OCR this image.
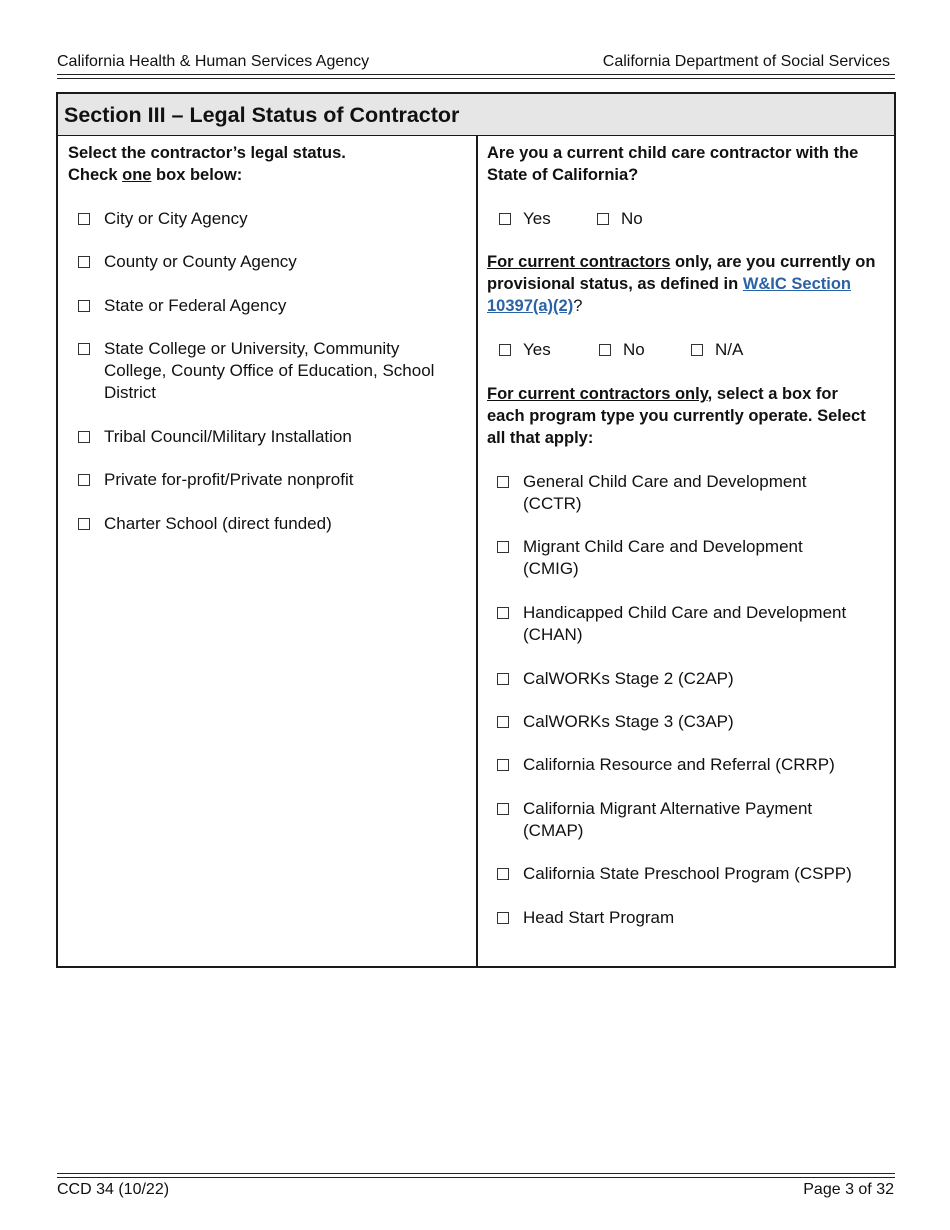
California Health & Human Services Agency	California Department of Social Services
Section III – Legal Status of Contractor
Select the contractor’s legal status.
Check one box below:
City or City Agency
County or County Agency
State or Federal Agency
State College or University, Community College, County Office of Education, School District
Tribal Council/Military Installation
Private for-profit/Private nonprofit
Charter School (direct funded)
Are you a current child care contractor with the State of California?
Yes	No
For current contractors only, are you currently on provisional status, as defined in W&IC Section 10397(a)(2)?
Yes	No	N/A
For current contractors only, select a box for each program type you currently operate. Select all that apply:
General Child Care and Development (CCTR)
Migrant Child Care and Development (CMIG)
Handicapped Child Care and Development (CHAN)
CalWORKs Stage 2 (C2AP)
CalWORKs Stage 3 (C3AP)
California Resource and Referral (CRRP)
California Migrant Alternative Payment (CMAP)
California State Preschool Program (CSPP)
Head Start Program
CCD 34 (10/22)	Page 3 of 32
